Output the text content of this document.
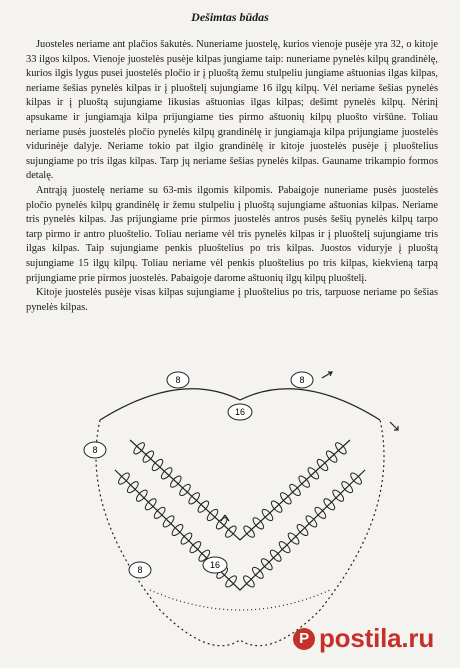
Dešimtas būdas

Juosteles neriame ant plačios šakutės. Nuneriame juostelę, kurios vienoje pusėje yra 32, o kitoje 33 ilgos kilpos. Vienoje juostelės pusėje kilpas jungiame taip: nuneriame pynelės kilpų grandinėlę, kurios ilgis lygus pusei juostelės pločio ir į pluoštą žemu stulpeliu jungiame aštuonias ilgas kilpas, neriame šešias pynelės kilpas ir į pluoštelį sujungiame 16 ilgų kilpų. Vėl neriame šešias pynelės kilpas ir į pluoštą sujungiame likusias aštuonias ilgas kilpas; dešimt pynelės kilpų. Nėrinį apsukame ir jungiamąja kilpa prijungiame ties pirmo aštuonių kilpų pluošto viršūne. Toliau neriame pusės juostelės pločio pynelės kilpų grandinėlę ir jungiamąja kilpa prijungiame juostelės vidurinėje dalyje. Neriame tokio pat ilgio grandinėlę ir kitoje juostelės pusėje į pluoštelius sujungiame po tris ilgas kilpas. Tarp jų neriame šešias pynelės kilpas. Gauname trikampio formos detalę.

Antrąją juostelę neriame su 63-mis ilgomis kilpomis. Pabaigoje nuneriame pusės juostelės pločio pynelės kilpų grandinėlę ir žemu stulpeliu į pluoštą sujungiame aštuonias kilpas. Neriame tris pynelės kilpas. Jas prijungiame prie pirmos juostelės antros pusės šešių pynelės kilpų tarpo tarp pirmo ir antro pluoštelio. Toliau neriame vėl tris pynelės kilpas ir į pluoštelį sujungiame tris ilgas kilpas. Taip sujungiame penkis pluoštelius po tris kilpas. Juostos viduryje į pluoštą sujungiame 15 ilgų kilpų. Toliau neriame vėl penkis pluoštelius po tris kilpas, kiekvieną tarpą prijungiame prie pirmos juostelės. Pabaigoje daromе aštuonių ilgų kilpų pluoštelį.

Kitoje juostelės pusėje visas kilpas sujungiame į pluoštelius po tris, tarpuose neriame po šešias pynelės kilpas.

8
16
8
8
16
8
P postila.ru
